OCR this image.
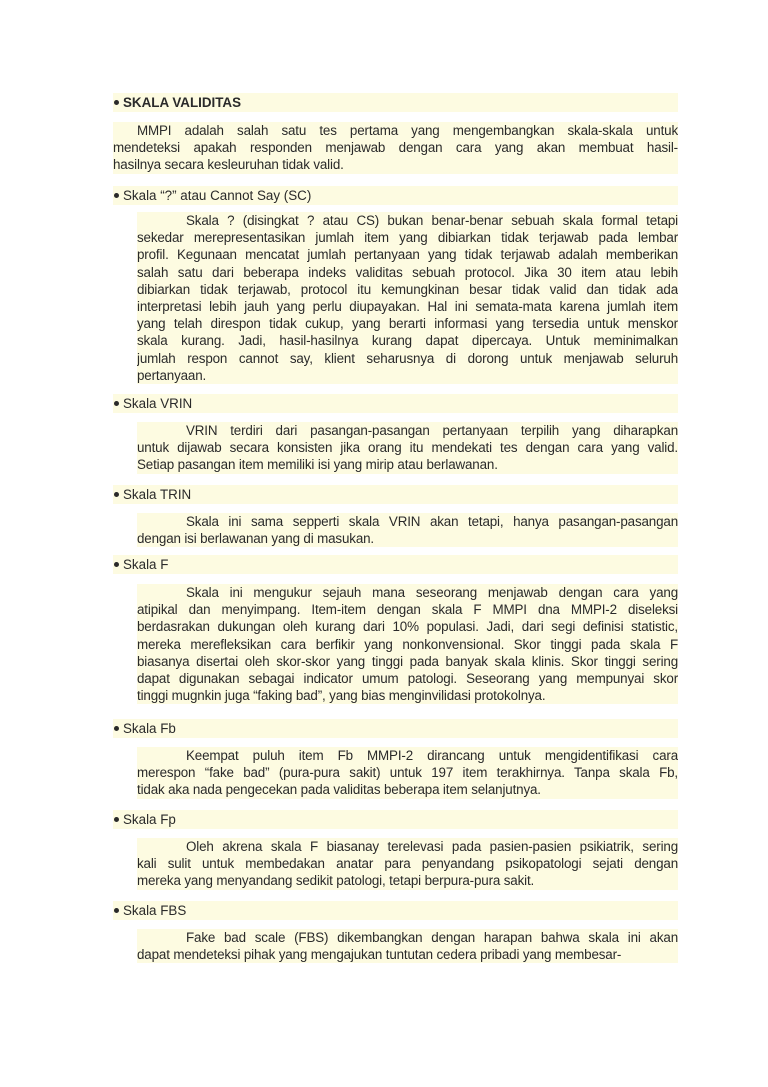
SKALA VALIDITAS
MMPI adalah salah satu tes pertama yang mengembangkan skala-skala untuk
mendeteksi apakah responden menjawab dengan cara yang akan membuat hasil-
hasilnya secara kesleuruhan tidak valid.
Skala “?” atau Cannot Say (SC)
Skala ? (disingkat ? atau CS) bukan benar-benar sebuah skala formal tetapi
sekedar merepresentasikan jumlah item yang dibiarkan tidak terjawab pada lembar
profil. Kegunaan mencatat jumlah pertanyaan yang tidak terjawab adalah memberikan
salah satu dari beberapa indeks validitas sebuah protocol. Jika 30 item atau lebih
dibiarkan tidak terjawab, protocol itu kemungkinan besar tidak valid dan tidak ada
interpretasi lebih jauh yang perlu diupayakan. Hal ini semata-mata karena jumlah item
yang telah direspon tidak cukup, yang berarti informasi yang tersedia untuk menskor
skala kurang. Jadi, hasil-hasilnya kurang dapat dipercaya. Untuk meminimalkan
jumlah respon cannot say, klient seharusnya di dorong untuk menjawab seluruh
pertanyaan.
Skala VRIN
VRIN terdiri dari pasangan-pasangan pertanyaan terpilih yang diharapkan
untuk dijawab secara konsisten jika orang itu mendekati tes dengan cara yang valid.
Setiap pasangan item memiliki isi yang mirip atau berlawanan.
Skala TRIN
Skala ini sama sepperti skala VRIN akan tetapi, hanya pasangan-pasangan
dengan isi berlawanan yang di masukan.
Skala F
Skala ini mengukur sejauh mana seseorang menjawab dengan cara yang
atipikal dan menyimpang. Item-item dengan skala F MMPI dna MMPI-2 diseleksi
berdasrakan dukungan oleh kurang dari 10% populasi. Jadi, dari segi definisi statistic,
mereka merefleksikan cara berfikir yang nonkonvensional. Skor tinggi pada skala F
biasanya disertai oleh skor-skor yang tinggi pada banyak skala klinis. Skor tinggi sering
dapat digunakan sebagai indicator umum patologi. Seseorang yang mempunyai skor
tinggi mugnkin juga “faking bad”, yang bias menginvilidasi protokolnya.
Skala Fb
Keempat puluh item Fb MMPI-2 dirancang untuk mengidentifikasi cara
merespon “fake bad” (pura-pura sakit) untuk 197 item terakhirnya. Tanpa skala Fb,
tidak aka nada pengecekan pada validitas beberapa item selanjutnya.
Skala Fp
Oleh akrena skala F biasanay terelevasi pada pasien-pasien psikiatrik, sering
kali sulit untuk membedakan anatar para penyandang psikopatologi sejati dengan
mereka yang menyandang sedikit patologi, tetapi berpura-pura sakit.
Skala FBS
Fake bad scale (FBS) dikembangkan dengan harapan bahwa skala ini akan
dapat mendeteksi pihak yang mengajukan tuntutan cedera pribadi yang membesar-
